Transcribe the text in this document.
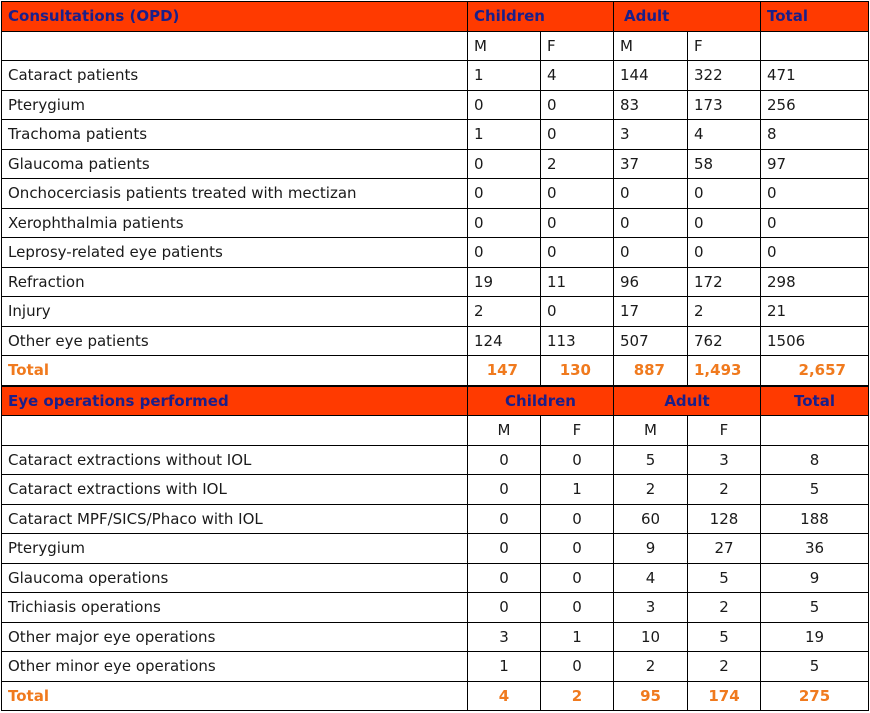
Consultations (OPD)	Children		Adult		Total
	M	F	M	F	
Cataract patients	1	4	144	322	471
Pterygium	0	0	83	173	256
Trachoma patients	1	0	3	4	8
Glaucoma patients	0	2	37	58	97
Onchocerciasis patients treated with mectizan	0	0	0	0	0
Xerophthalmia patients	0	0	0	0	0
Leprosy-related eye patients	0	0	0	0	0
Refraction	19	11	96	172	298
Injury	2	0	17	2	21
Other eye patients	124	113	507	762	1506
Total	147	130	887	1,493	2,657
Eye operations performed	Children		Adult		Total
	M	F	M	F	
Cataract extractions without IOL	0	0	5	3	8
Cataract extractions with IOL	0	1	2	2	5
Cataract MPF/SICS/Phaco with IOL	0	0	60	128	188
Pterygium	0	0	9	27	36
Glaucoma operations	0	0	4	5	9
Trichiasis operations	0	0	3	2	5
Other major eye operations	3	1	10	5	19
Other minor eye operations	1	0	2	2	5
Total	4	2	95	174	275
